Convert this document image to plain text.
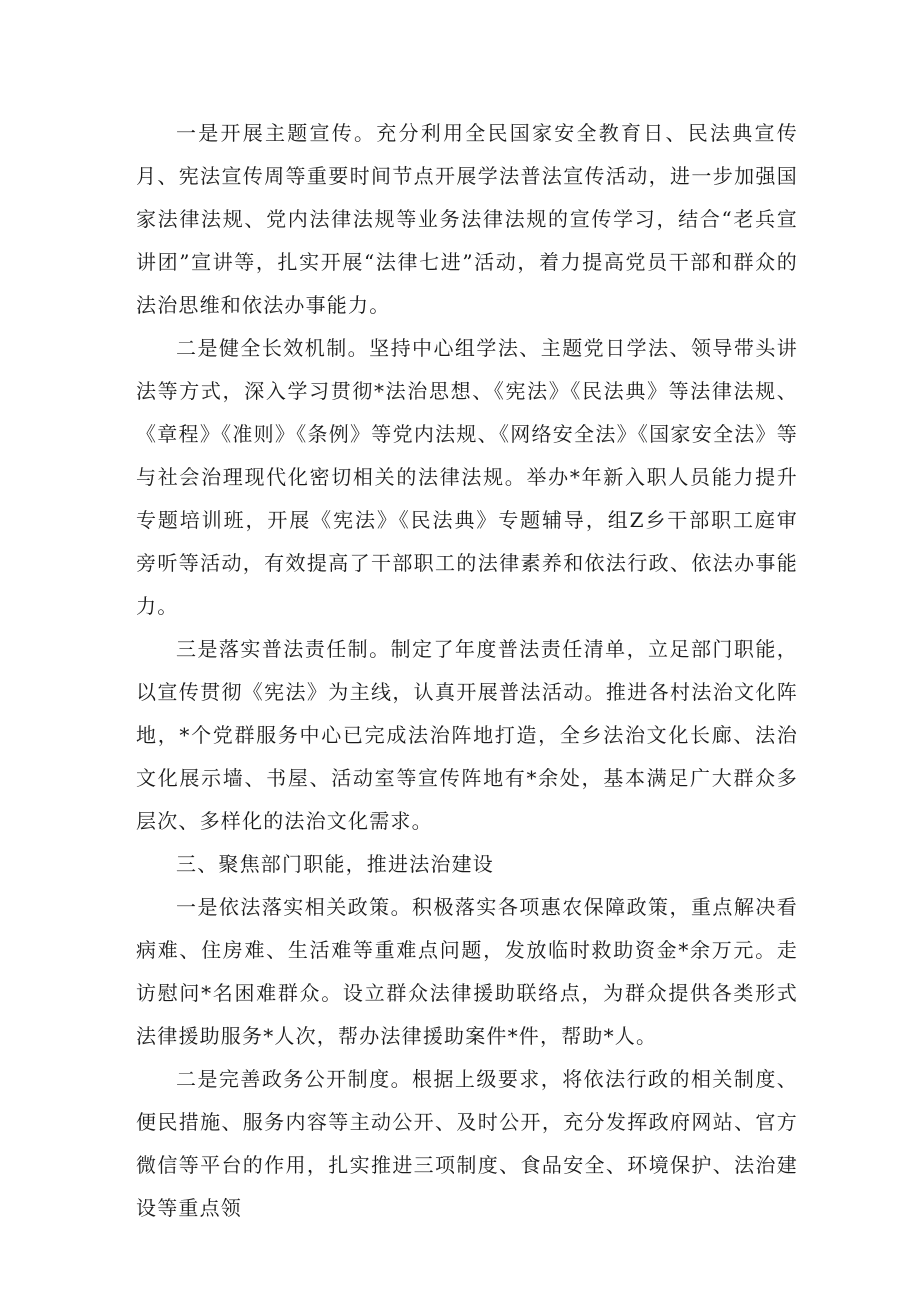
一是开展主题宣传。充分利用全民国家安全教育日、民法典宣传月、宪法宣传周等重要时间节点开展学法普法宣传活动，进一步加强国家法律法规、党内法律法规等业务法律法规的宣传学习，结合“老兵宣讲团”宣讲等，扎实开展“法律七进”活动，着力提高党员干部和群众的法治思维和依法办事能力。

二是健全长效机制。坚持中心组学法、主题党日学法、领导带头讲法等方式，深入学习贯彻*法治思想、《宪法》《民法典》等法律法规、《章程》《准则》《条例》等党内法规、《网络安全法》《国家安全法》等与社会治理现代化密切相关的法律法规。举办*年新入职人员能力提升专题培训班，开展《宪法》《民法典》专题辅导，组Z乡干部职工庭审旁听等活动，有效提高了干部职工的法律素养和依法行政、依法办事能力。

三是落实普法责任制。制定了年度普法责任清单，立足部门职能，以宣传贯彻《宪法》为主线，认真开展普法活动。推进各村法治文化阵地，*个党群服务中心已完成法治阵地打造，全乡法治文化长廊、法治文化展示墙、书屋、活动室等宣传阵地有*余处，基本满足广大群众多层次、多样化的法治文化需求。

三、聚焦部门职能，推进法治建设

一是依法落实相关政策。积极落实各项惠农保障政策，重点解决看病难、住房难、生活难等重难点问题，发放临时救助资金*余万元。走访慰问*名困难群众。设立群众法律援助联络点，为群众提供各类形式法律援助服务*人次，帮办法律援助案件*件，帮助*人。

二是完善政务公开制度。根据上级要求，将依法行政的相关制度、便民措施、服务内容等主动公开、及时公开，充分发挥政府网站、官方微信等平台的作用，扎实推进三项制度、食品安全、环境保护、法治建设等重点领
